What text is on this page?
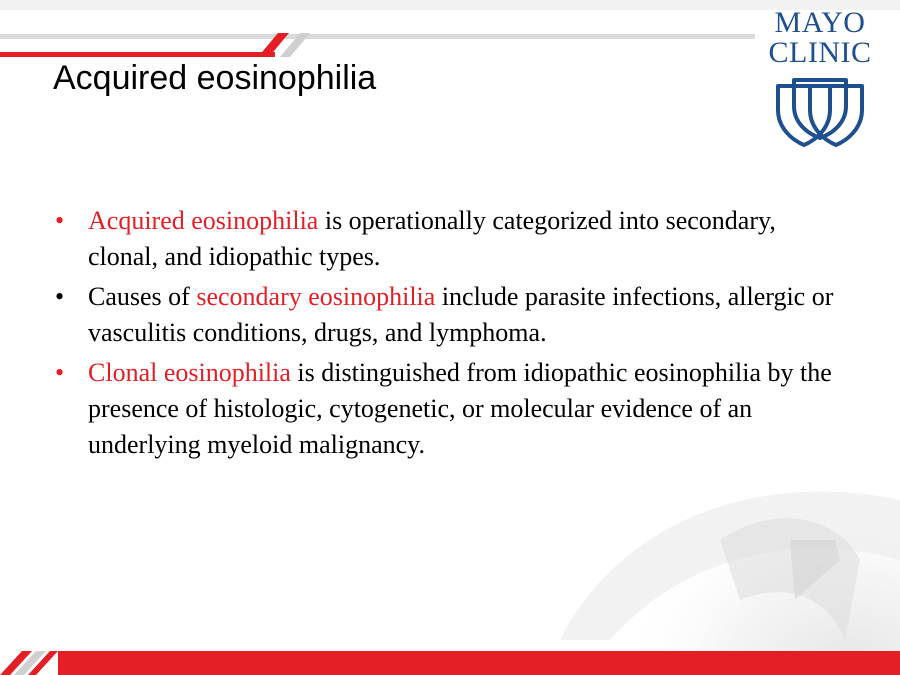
Acquired eosinophilia
MAYO
CLINIC
• Acquired eosinophilia is operationally categorized into secondary, clonal, and idiopathic types.
• Causes of secondary eosinophilia include parasite infections, allergic or vasculitis conditions, drugs, and lymphoma.
• Clonal eosinophilia is distinguished from idiopathic eosinophilia by the presence of histologic, cytogenetic, or molecular evidence of an underlying myeloid malignancy.
